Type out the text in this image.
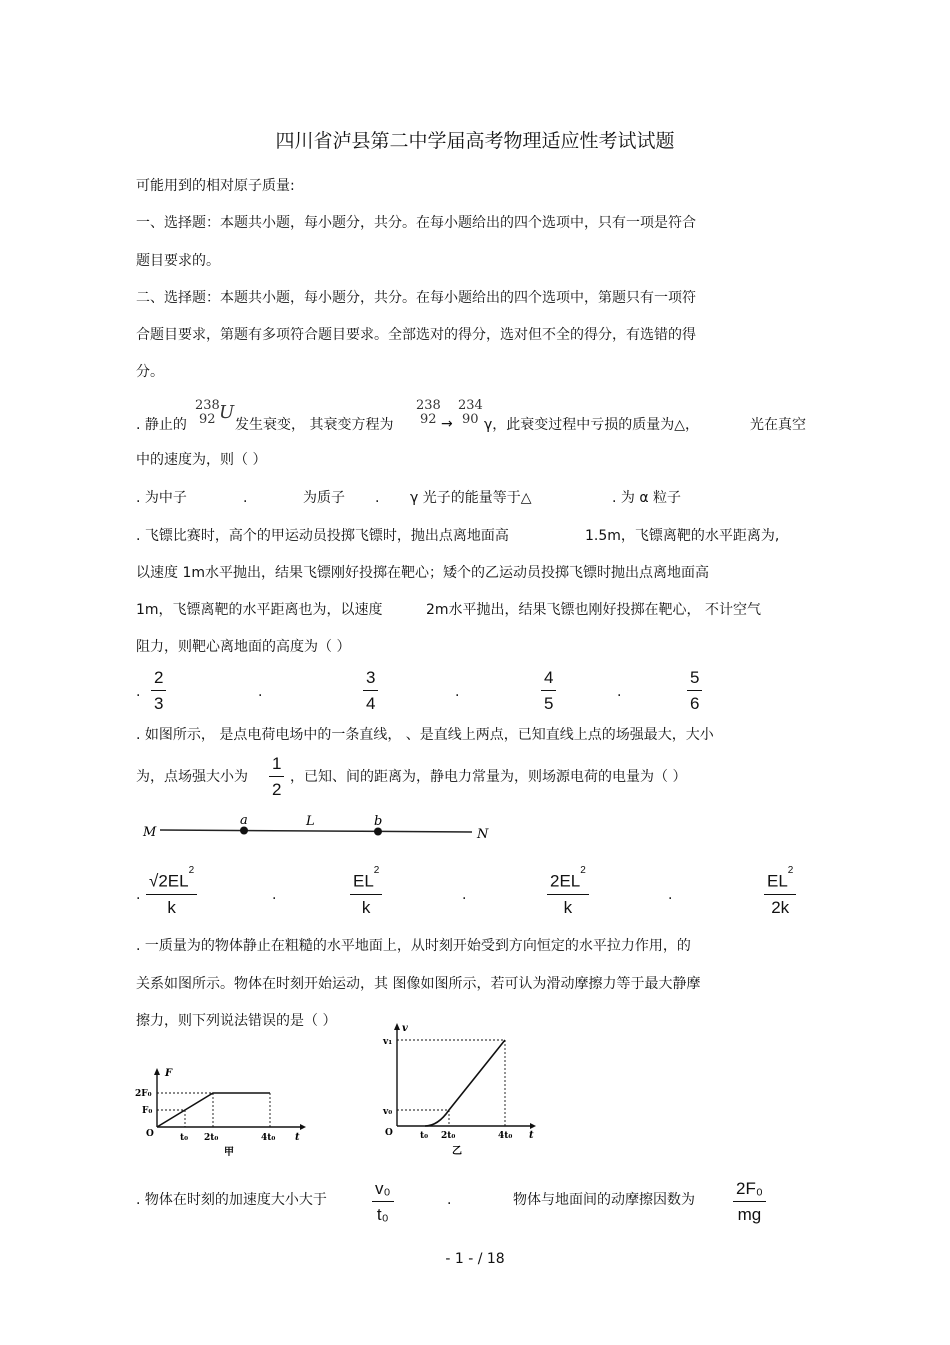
四川省泸县第二中学届高考物理适应性考试试题
可能用到的相对原子质量:
一、选择题：本题共小题，每小题分，共分。在每小题给出的四个选项中，只有一项是符合
题目要求的。
二、选择题：本题共小题，每小题分，共分。在每小题给出的四个选项中，第题只有一项符
合题目要求，第题有多项符合题目要求。全部选对的得分，选对但不全的得分，有选错的得
分。
. 静止的
238
92 U
发生衰变， 其衰变方程为
238
92 →
234
90 γ，此衰变过程中亏损的质量为△，	光在真空
中的速度为，则（ ）
. 为中子	.	为质子 . γ 光子的能量等于△	. 为 α 粒子
. 飞镖比赛时，高个的甲运动员投掷飞镖时，抛出点离地面高	1.5m，飞镖离靶的水平距离为,
以速度 1m水平抛出，结果飞镖刚好投掷在靶心；矮个的乙运动员投掷飞镖时抛出点离地面高
1m，飞镖离靶的水平距离也为，以速度	2m水平抛出，结果飞镖也刚好投掷在靶心， 不计空气
阻力，则靶心离地面的高度为（ ）
. $\frac{2}{3}$	.	$\frac{3}{4}$	.	$\frac{4}{5}$	.	$\frac{5}{6}$
. 如图所示， 是点电荷电场中的一条直线， 、是直线上两点，已知直线上点的场强最大，大小
为，点场强大小为 $\frac{1}{2}$ ，已知、间的距离为，静电力常量为，则场源电荷的电量为（ ）
M
a	L	b
N
. $\frac{√2EL^2}{k}$	.	$\frac{EL^2}{k}$	.	$\frac{2EL^2}{k}$	.	$\frac{EL^2}{2k}$
. 一质量为的物体静止在粗糙的水平地面上，从时刻开始受到方向恒定的水平拉力作用，的
关系如图所示。物体在时刻开始运动，其 图像如图所示，若可认为滑动摩擦力等于最大静摩
擦力，则下列说法错误的是（ ）
F
2F₀
F₀
O	t₀ 2t₀	4t₀ t
甲
v
v₁
v₀
O	t₀ 2t₀	4t₀ t
乙
. 物体在时刻的加速度大小大于	$\frac{\text{v₀}}{\text{t₀}}$	.	物体与地面间的动摩擦因数为 $\frac{\text{2F₀}}{mg}$
- 1 - / 18
